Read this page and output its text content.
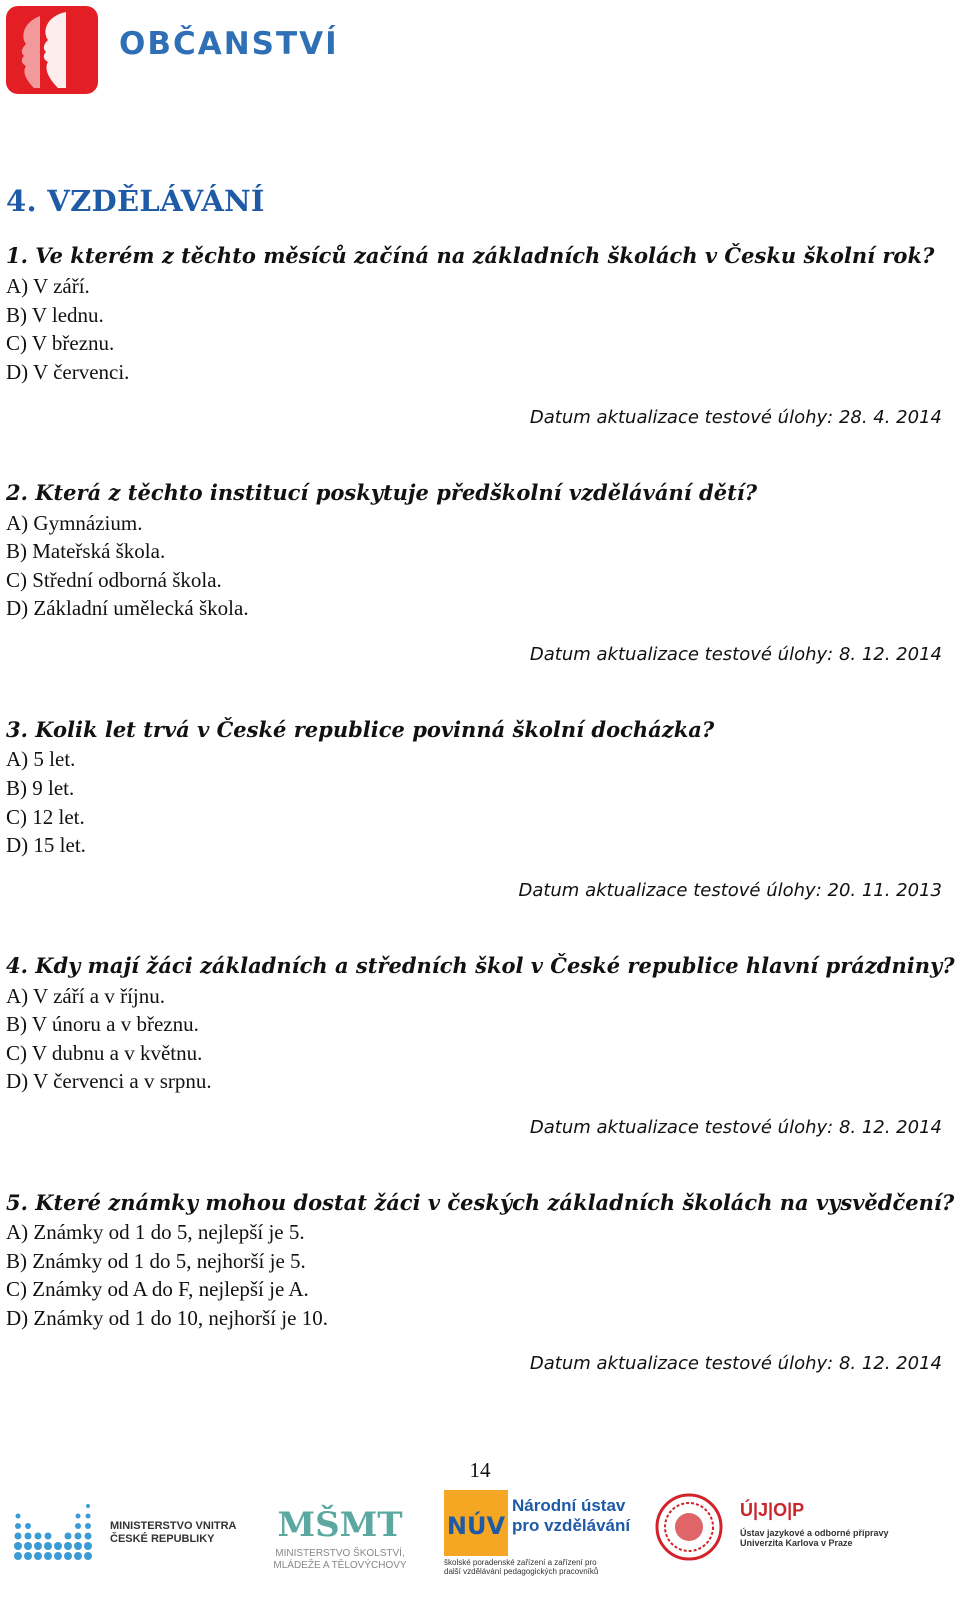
OBČANSTVÍ
4. VZDĚLÁVÁNÍ
1. Ve kterém z těchto měsíců začíná na základních školách v Česku školní rok?
A) V září.
B) V lednu.
C) V březnu.
D) V červenci.
Datum aktualizace testové úlohy: 28. 4. 2014
2. Která z těchto institucí poskytuje předškolní vzdělávání dětí?
A) Gymnázium.
B) Mateřská škola.
C) Střední odborná škola.
D) Základní umělecká škola.
Datum aktualizace testové úlohy: 8. 12. 2014
3. Kolik let trvá v České republice povinná školní docházka?
A) 5 let.
B) 9 let.
C) 12 let.
D) 15 let.
Datum aktualizace testové úlohy: 20. 11. 2013
4. Kdy mají žáci základních a středních škol v České republice hlavní prázdniny?
A) V září a v říjnu.
B) V únoru a v březnu.
C) V dubnu a v květnu.
D) V červenci a v srpnu.
Datum aktualizace testové úlohy: 8. 12. 2014
5. Které známky mohou dostat žáci v českých základních školách na vysvědčení?
A) Známky od 1 do 5, nejlepší je 5.
B) Známky od 1 do 5, nejhorší je 5.
C) Známky od A do F, nejlepší je A.
D) Známky od 1 do 10, nejhorší je 10.
Datum aktualizace testové úlohy: 8. 12. 2014
14
MINISTERSTVO VNITRA
ČESKÉ REPUBLIKY	MŠMT
MINISTERSTVO ŠKOLSTVÍ,
MLÁDEŽE A TĚLOVÝCHOVY
NÚV
Národní ústav
pro vzdělávání
školské poradenské zařízení a zařízení pro
další vzdělávání pedagogických pracovníků
Ú|J|O|P
Ústav jazykové a odborné přípravy
Univerzita Karlova v Praze
